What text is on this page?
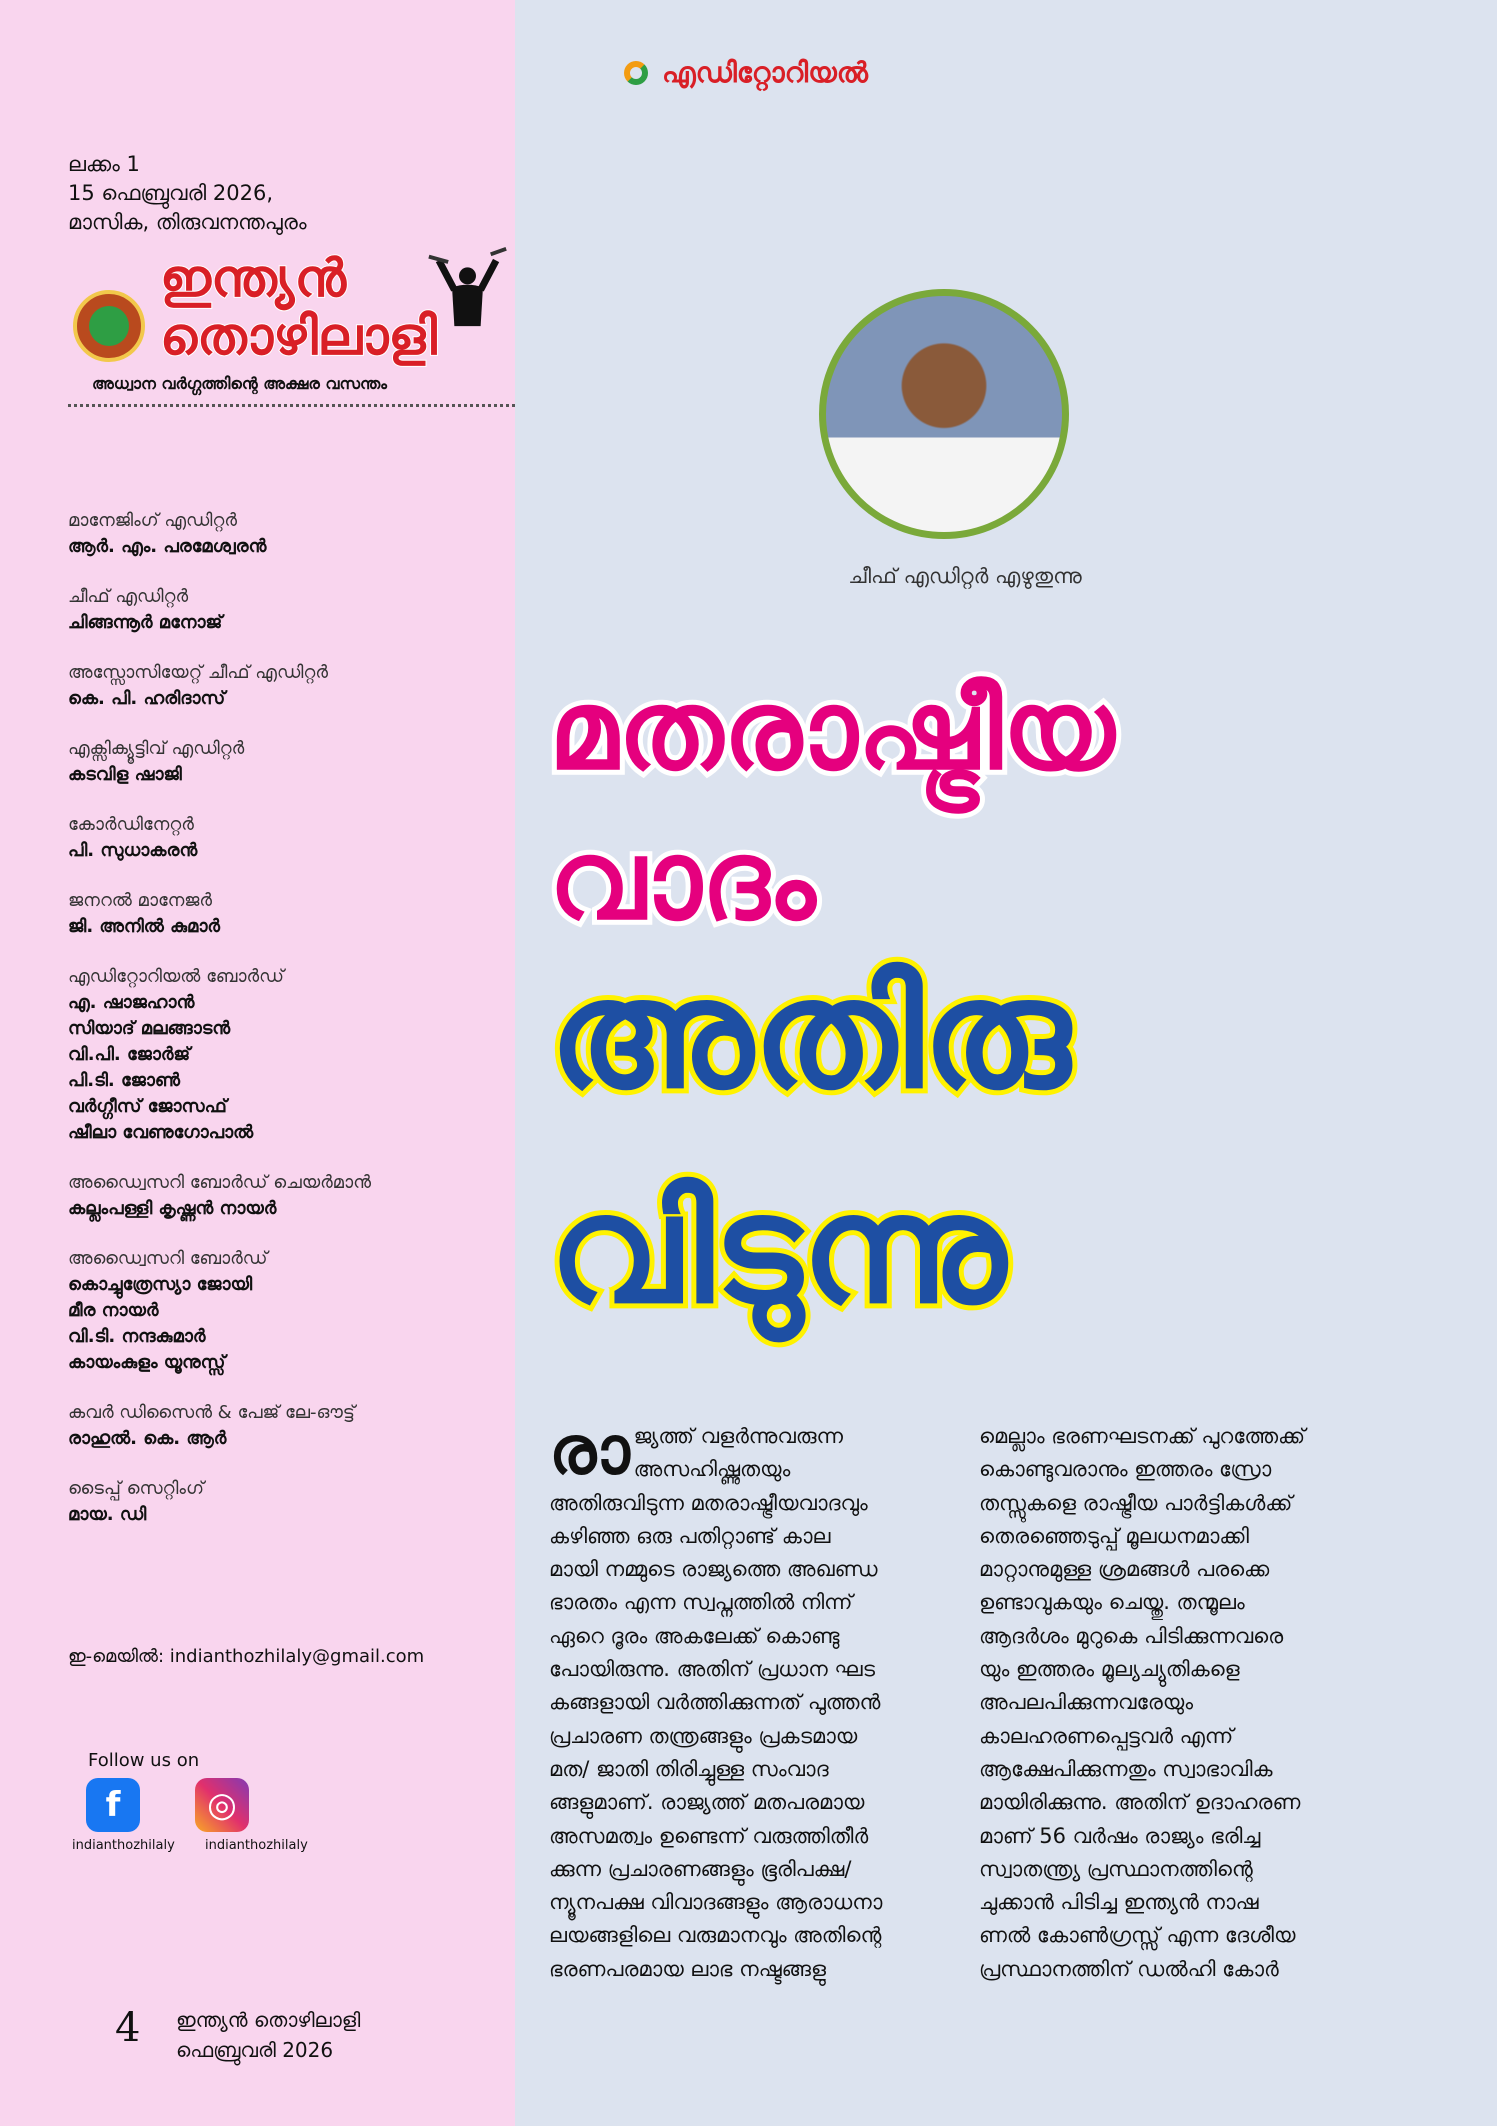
എഡിറ്റോറിയൽ
ലക്കം 1
15 ഫെബ്രുവരി 2026,
മാസിക, തിരുവനന്തപുരം
ഇന്ത്യൻ
തൊഴിലാളി
അധ്വാന വർഗ്ഗത്തിന്റെ അക്ഷര വസന്തം
മാനേജിംഗ് എഡിറ്റർ
ആർ. എം. പരമേശ്വരൻ
ചീഫ് എഡിറ്റർ
ചിങ്ങന്നൂർ മനോജ്
അസ്സോസിയേറ്റ് ചീഫ് എഡിറ്റർ
കെ. പി. ഹരിദാസ്
എക്സിക്യൂട്ടിവ് എഡിറ്റർ
കടവിള ഷാജി
കോർഡിനേറ്റർ
പി. സുധാകരൻ
ജനറൽ മാനേജർ
ജി. അനിൽ കുമാർ
എഡിറ്റോറിയൽ ബോർഡ്
എ. ഷാജഹാൻ
സിയാദ് മലങ്ങാടൻ
വി.പി. ജോർജ്
പി.ടി. ജോൺ
വർഗ്ഗീസ് ജോസഫ്
ഷീലാ വേണുഗോപാൽ
അഡ്വൈസറി ബോർഡ് ചെയർമാൻ
കല്ലംപള്ളി കൃഷ്ണൻ നായർ
അഡ്വൈസറി ബോർഡ്
കൊച്ചുത്രേസ്യാ ജോയി
മീര നായർ
വി.ടി. നന്ദകുമാർ
കായംകുളം യൂനുസ്സ്
കവർ ഡിസൈൻ & പേജ് ലേ-ഔട്ട്
രാഹുൽ. കെ. ആർ
ടൈപ്പ് സെറ്റിംഗ്
മായ. ഡി
ഇ-മെയിൽ: indianthozhilaly@gmail.com
Follow us on
f	◎
indianthozhilaly indianthozhilaly
4 ഇന്ത്യൻ തൊഴിലാളി
ഫെബ്രുവരി 2026
ചീഫ് എഡിറ്റർ എഴുതുന്നു
മതരാഷ്ട്രീയ
വാദം
അതിരു
വിടുന്നു
രാ ജ്യത്ത് വളർന്നുവരുന്ന

അസഹിഷ്ണുതയും

അതിരുവിടുന്ന മതരാഷ്ട്രീയവാദവും

കഴിഞ്ഞ ഒരു പതിറ്റാണ്ട് കാല

മായി നമ്മുടെ രാജ്യത്തെ അഖണ്ഡ

ഭാരതം എന്ന സ്വപ്നത്തിൽ നിന്ന്

ഏറെ ദൂരം അകലേക്ക് കൊണ്ടു

പോയിരുന്നു. അതിന് പ്രധാന ഘട

കങ്ങളായി വർത്തിക്കുന്നത് പുത്തൻ

പ്രചാരണ തന്ത്രങ്ങളും പ്രകടമായ

മത/ ജാതി തിരിച്ചുള്ള സംവാദ

ങ്ങളുമാണ്. രാജ്യത്ത് മതപരമായ

അസമത്വം ഉണ്ടെന്ന് വരുത്തിതീർ

ക്കുന്ന പ്രചാരണങ്ങളും ഭൂരിപക്ഷ/

ന്യൂനപക്ഷ വിവാദങ്ങളും ആരാധനാ

ലയങ്ങളിലെ വരുമാനവും അതിന്റെ

ഭരണപരമായ ലാഭ നഷ്ടങ്ങളു

മെല്ലാം ഭരണഘടനക്ക് പുറത്തേക്ക്

കൊണ്ടുവരാനും ഇത്തരം സ്രോ

തസ്സുകളെ രാഷ്ട്രീയ പാർട്ടികൾക്ക്

തെരഞ്ഞെടുപ്പ് മൂലധനമാക്കി

മാറ്റാനുമുള്ള ശ്രമങ്ങൾ പരക്കെ

ഉണ്ടാവുകയും ചെയ്തു. തന്മൂലം

ആദർശം മുറുകെ പിടിക്കുന്നവരെ

യും ഇത്തരം മൂല്യച്യുതികളെ

അപലപിക്കുന്നവരേയും

കാലഹരണപ്പെട്ടവർ എന്ന്

ആക്ഷേപിക്കുന്നതും സ്വാഭാവിക

മായിരിക്കുന്നു. അതിന് ഉദാഹരണ

മാണ് 56 വർഷം രാജ്യം ഭരിച്ച

സ്വാതന്ത്ര്യ പ്രസ്ഥാനത്തിന്റെ

ചുക്കാൻ പിടിച്ച ഇന്ത്യൻ നാഷ

ണൽ കോൺഗ്രസ്സ് എന്ന ദേശീയ

പ്രസ്ഥാനത്തിന് ഡൽഹി കോർ
